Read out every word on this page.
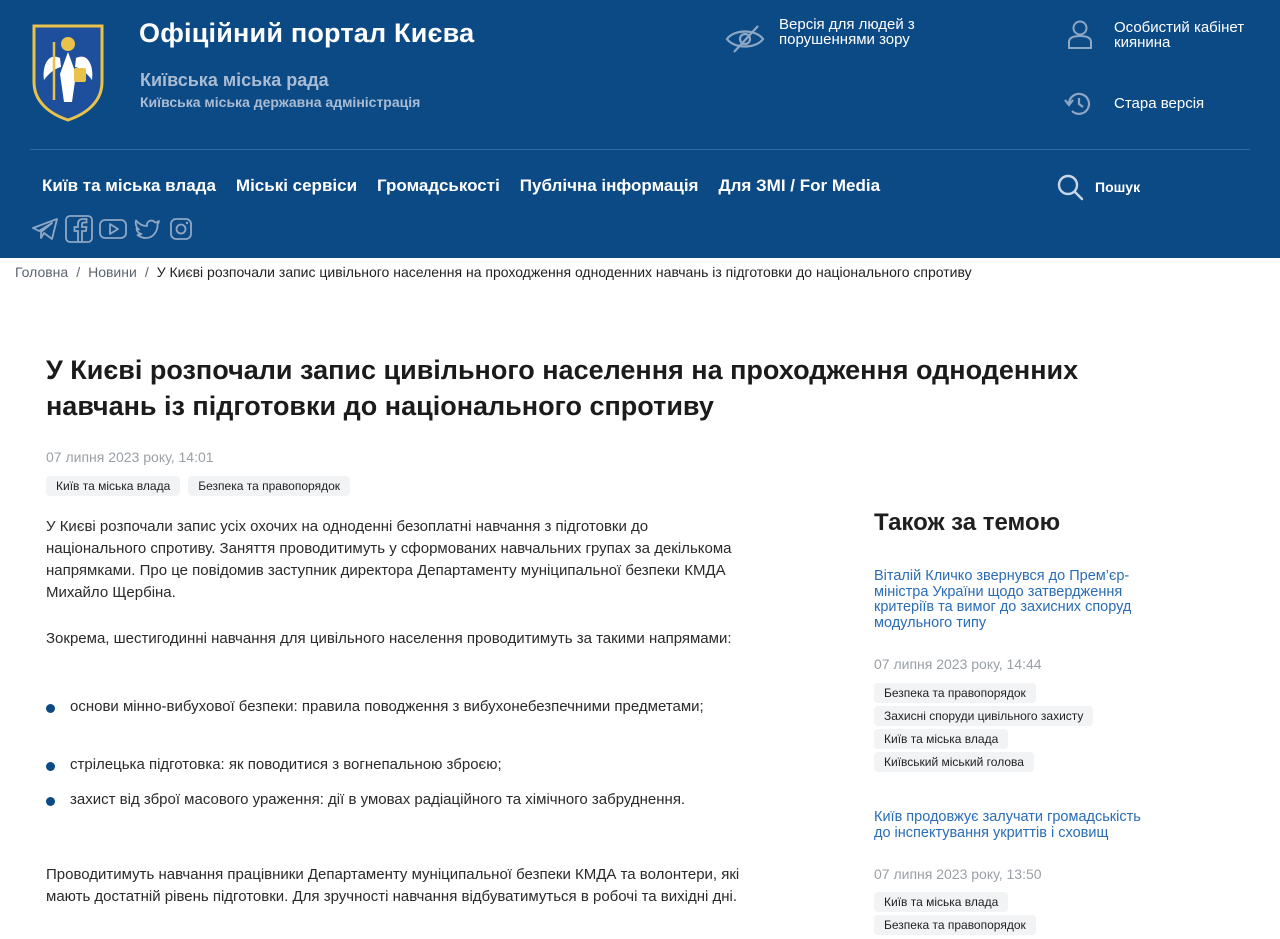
Офіційний портал Києва
Київська міська рада
Київська міська державна адміністрація
Версія для людей з порушеннями зору
Особистий кабінет киянина
Стара версія
Київ та міська влада Міські сервіси Громадськості Публічна інформація Для ЗМІ / For Media	Пошук
Головна / Новини / У Києві розпочали запис цивільного населення на проходження одноденних навчань із підготовки до національного спротиву
У Києві розпочали запис цивільного населення на проходження одноденних навчань із підготовки до національного спротиву
07 липня 2023 року, 14:01
Київ та міська влада	Безпека та правопорядок

У Києві розпочали запис усіх охочих на одноденні безоплатні навчання з підготовки до національного спротиву. Заняття проводитимуть у сформованих навчальних групах за декількома напрямками. Про це повідомив заступник директора Департаменту муніципальної безпеки КМДА Михайло Щербіна.

Зокрема, шестигодинні навчання для цивільного населення проводитимуть за такими напрямами:

основи мінно-вибухової безпеки: правила поводження з вибухонебезпечними предметами;
стрілецька підготовка: як поводитися з вогнепальною зброєю;
захист від зброї масового ураження: дії в умовах радіаційного та хімічного забруднення.

Проводитимуть навчання працівники Департаменту муніципальної безпеки КМДА та волонтери, які мають достатній рівень підготовки. Для зручності навчання відбуватимуться в робочі та вихідні дні.

Також за темою
Віталій Кличко звернувся до Прем’єр-міністра України щодо затвердження критеріїв та вимог до захисних споруд модульного типу
07 липня 2023 року, 14:44
Безпека та правопорядок
Захисні споруди цивільного захисту
Київ та міська влада
Київський міський голова
Київ продовжує залучати громадськість до інспектування укриттів і сховищ
07 липня 2023 року, 13:50
Київ та міська влада
Безпека та правопорядок
